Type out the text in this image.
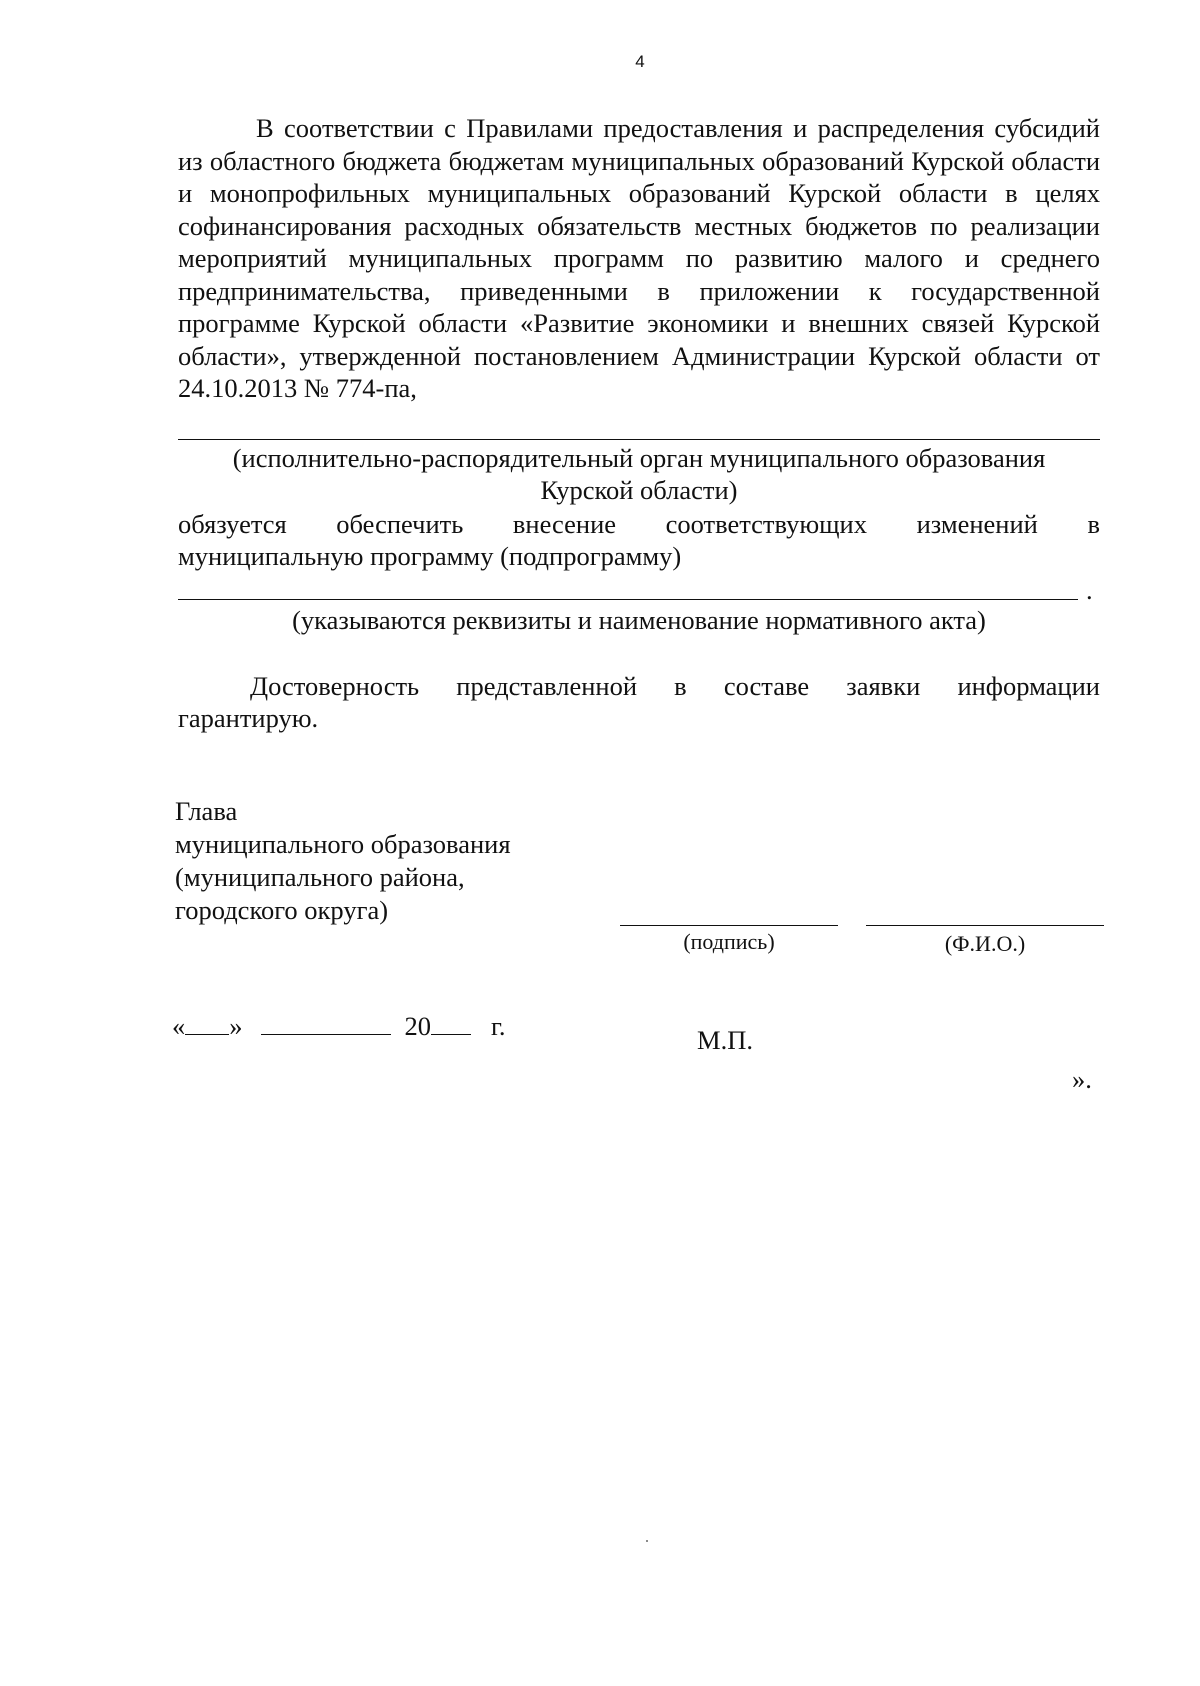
4
В соответствии с Правилами предоставления и распределения субсидий из областного бюджета бюджетам муниципальных образований Курской области и монопрофильных муниципальных образований Курской области в целях софинансирования расходных обязательств местных бюджетов по реализации мероприятий муниципальных программ по развитию малого и среднего предпринимательства, приведенными в приложении к государственной программе Курской области «Развитие экономики и внешних связей Курской области», утвержденной постановлением Администрации Курской области от 24.10.2013 № 774-па,
(исполнительно-распорядительный орган муниципального образования
Курской области)
обязуется обеспечить внесение соответствующих изменений в
муниципальную программу (подпрограмму)
.
(указываются реквизиты и наименование нормативного акта)
Достоверность представленной в составе заявки информации
гарантирую.
Глава
муниципального образования
(муниципального района,
городского округа)
(подпись)	(Ф.И.О.)
« »	20 г.	М.П.
».
